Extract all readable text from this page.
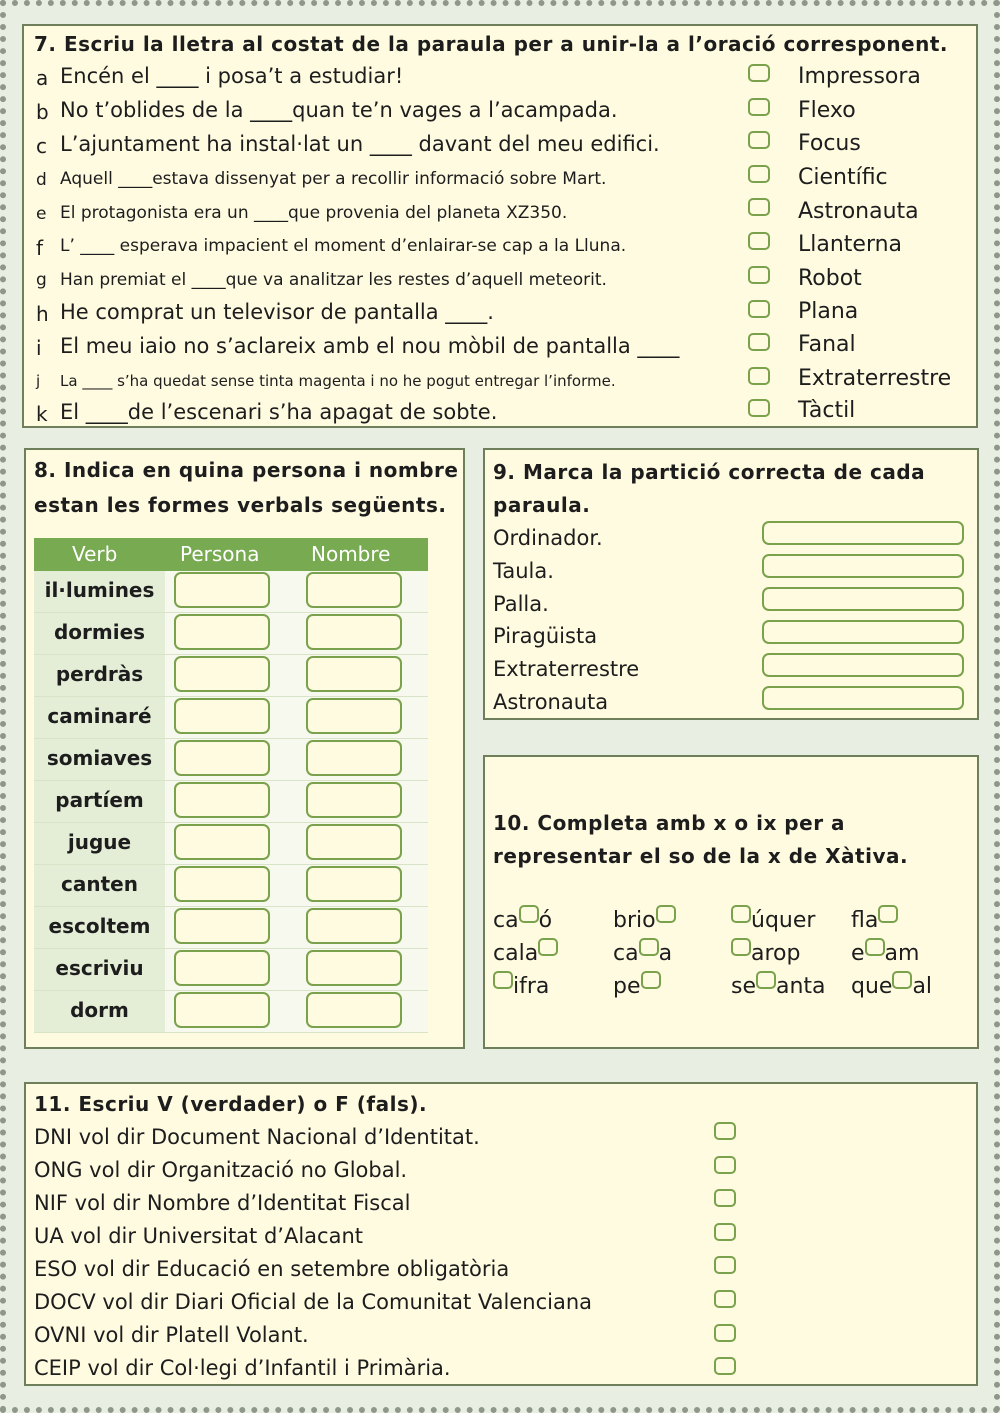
7. Escriu la lletra al costat de la paraula per a unir-la a l’oració corresponent.
a Encén el ____ i posa’t a estudiar!
b No t’oblides de la ____quan te’n vages a l’acampada.
c L’ajuntament ha instal·lat un ____ davant del meu edifici.
d Aquell ____estava dissenyat per a recollir informació sobre Mart.
e El protagonista era un ____que provenia del planeta XZ350.
f L’ ____ esperava impacient el moment d’enlairar-se cap a la Lluna.
g Han premiat el ____que va analitzar les restes d’aquell meteorit.
h He comprat un televisor de pantalla ____.
i El meu iaio no s’aclareix amb el nou mòbil de pantalla ____
j La ____ s’ha quedat sense tinta magenta i no he pogut entregar l’informe.
k El ____de l’escenari s’ha apagat de sobte.
Impressora
Flexo
Focus
Científic
Astronauta
Llanterna
Robot
Plana
Fanal
Extraterrestre
Tàctil
8. Indica en quina persona i nombre
estan les formes verbals següents.
Verb	Persona	Nombre
il·lumines
dormies
perdràs
caminaré
somiaves
partíem
jugue
canten
escoltem
escriviu
dorm
9. Marca la partició correcta de cada
paraula.
Ordinador.
Taula.
Palla.
Piragüista
Extraterrestre
Astronauta
10. Completa amb x o ix per a
representar el so de la x de Xàtiva.
ca ó	brio	úquer fla
cala	ca a	arop e am
ifra	pe	se anta que al
11. Escriu V (verdader) o F (fals).
DNI vol dir Document Nacional d’Identitat.
ONG vol dir Organització no Global.
NIF vol dir Nombre d’Identitat Fiscal
UA vol dir Universitat d’Alacant
ESO vol dir Educació en setembre obligatòria
DOCV vol dir Diari Oficial de la Comunitat Valenciana
OVNI vol dir Platell Volant.
CEIP vol dir Col·legi d’Infantil i Primària.
